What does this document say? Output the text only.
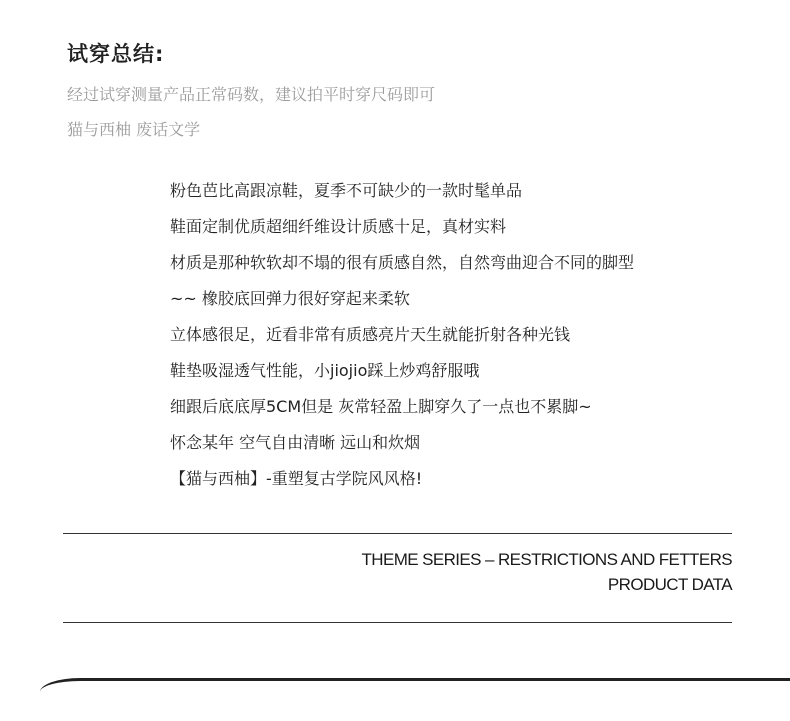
试穿总结:

经过试穿测量产品正常码数，建议拍平时穿尺码即可

猫与西柚 废话文学

粉色芭比高跟凉鞋，夏季不可缺少的一款时髦单品
鞋面定制优质超细纤维设计质感十足，真材实料
材质是那种软软却不塌的很有质感自然，自然弯曲迎合不同的脚型
~~ 橡胶底回弹力很好穿起来柔软
立体感很足，近看非常有质感亮片天生就能折射各种光钱
鞋垫吸湿透气性能，小jiojio踩上炒鸡舒服哦
细跟后底底厚5CM但是 灰常轻盈上脚穿久了一点也不累脚~
怀念某年 空气自由清晰 远山和炊烟
【猫与西柚】-重塑复古学院风风格!

THEME SERIES – RESTRICTIONS AND FETTERS

PRODUCT DATA
